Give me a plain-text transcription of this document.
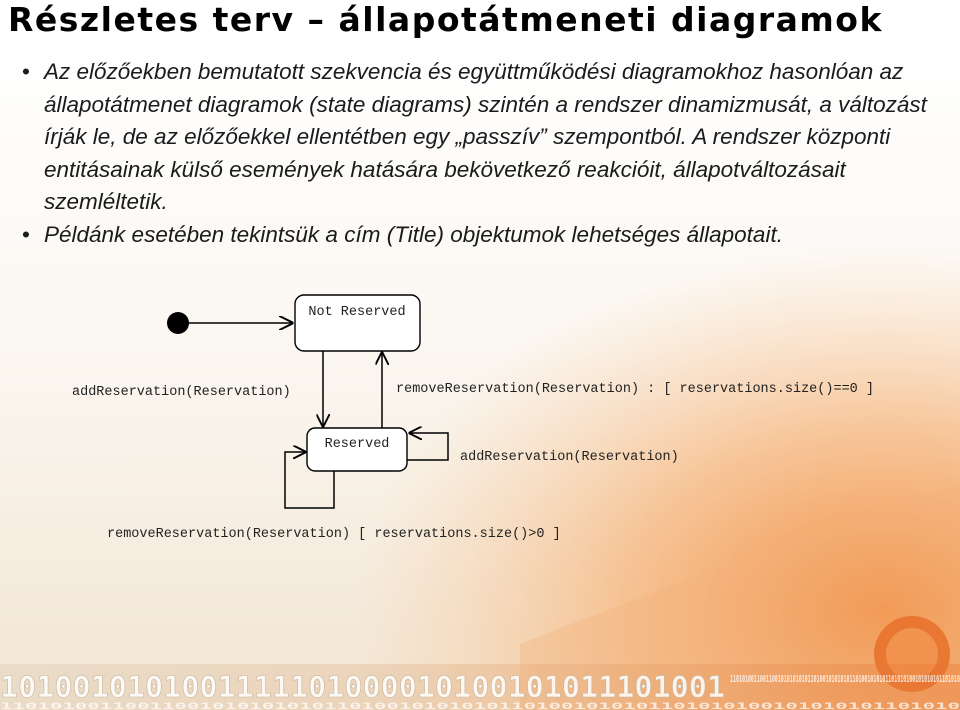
Részletes terv – állapotátmeneti diagramok

• Az előzőekben bemutatott szekvencia és együttműködési diagramokhoz hasonlóan az állapotátmenet diagramok (state diagrams) szintén a rendszer dinamizmusát, a változást írják le, de az előzőekkel ellentétben egy „passzív” szempontból. A rendszer központi entitásainak külső események hatására bekövetkező reakcióit, állapotváltozásait szemléltetik.

• Példánk esetében tekintsük a cím (Title) objektumok lehetséges állapotait.

Not Reserved
Reserved
addReservation(Reservation)	removeReservation(Reservation) : [ reservations.size()==0 ]
addReservation(Reservation)
removeReservation(Reservation) [ reservations.size()>0 ]
1010010101001111101000010100101011101001 11010100110011001010101010110100101010101101001010101101010100101010101101010
11010100110011001010101010110100101010101101001010101101010100101010101101010
